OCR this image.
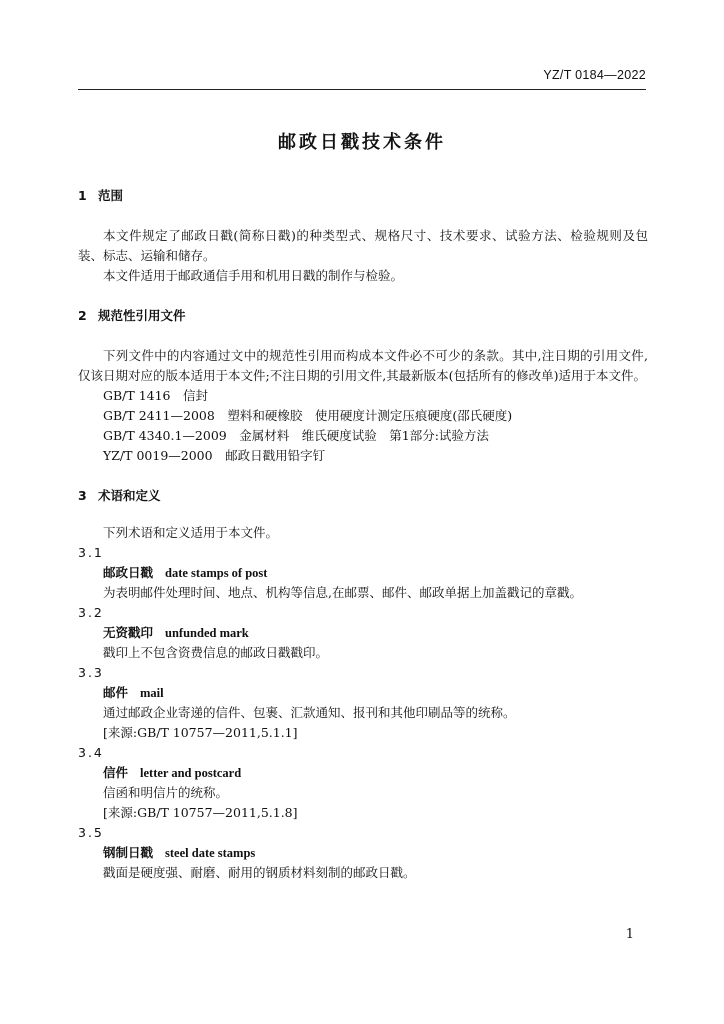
YZ/T 0184—2022
邮政日戳技术条件
1 范围

本文件规定了邮政日戳(简称日戳)的种类型式、规格尺寸、技术要求、试验方法、检验规则及包装、标志、运输和储存。

本文件适用于邮政通信手用和机用日戳的制作与检验。

2 规范性引用文件

下列文件中的内容通过文中的规范性引用而构成本文件必不可少的条款。其中,注日期的引用文件,仅该日期对应的版本适用于本文件;不注日期的引用文件,其最新版本(包括所有的修改单)适用于本文件。

GB/T 1416　信封

GB/T 2411—2008　塑料和硬橡胶　使用硬度计测定压痕硬度(邵氏硬度)

GB/T 4340.1—2009　金属材料　维氏硬度试验　第1部分:试验方法

YZ/T 0019—2000　邮政日戳用铅字钉

3 术语和定义

下列术语和定义适用于本文件。

3.1

邮政日戳 date stamps of post

为表明邮件处理时间、地点、机构等信息,在邮票、邮件、邮政单据上加盖戳记的章戳。

3.2

无资戳印 unfunded mark

戳印上不包含资费信息的邮政日戳戳印。

3.3

邮件 mail

通过邮政企业寄递的信件、包裹、汇款通知、报刊和其他印刷品等的统称。

[来源:GB/T 10757—2011,5.1.1]

3.4

信件 letter and postcard

信函和明信片的统称。

[来源:GB/T 10757—2011,5.1.8]

3.5

钢制日戳 steel date stamps

戳面是硬度强、耐磨、耐用的钢质材料刻制的邮政日戳。

1
